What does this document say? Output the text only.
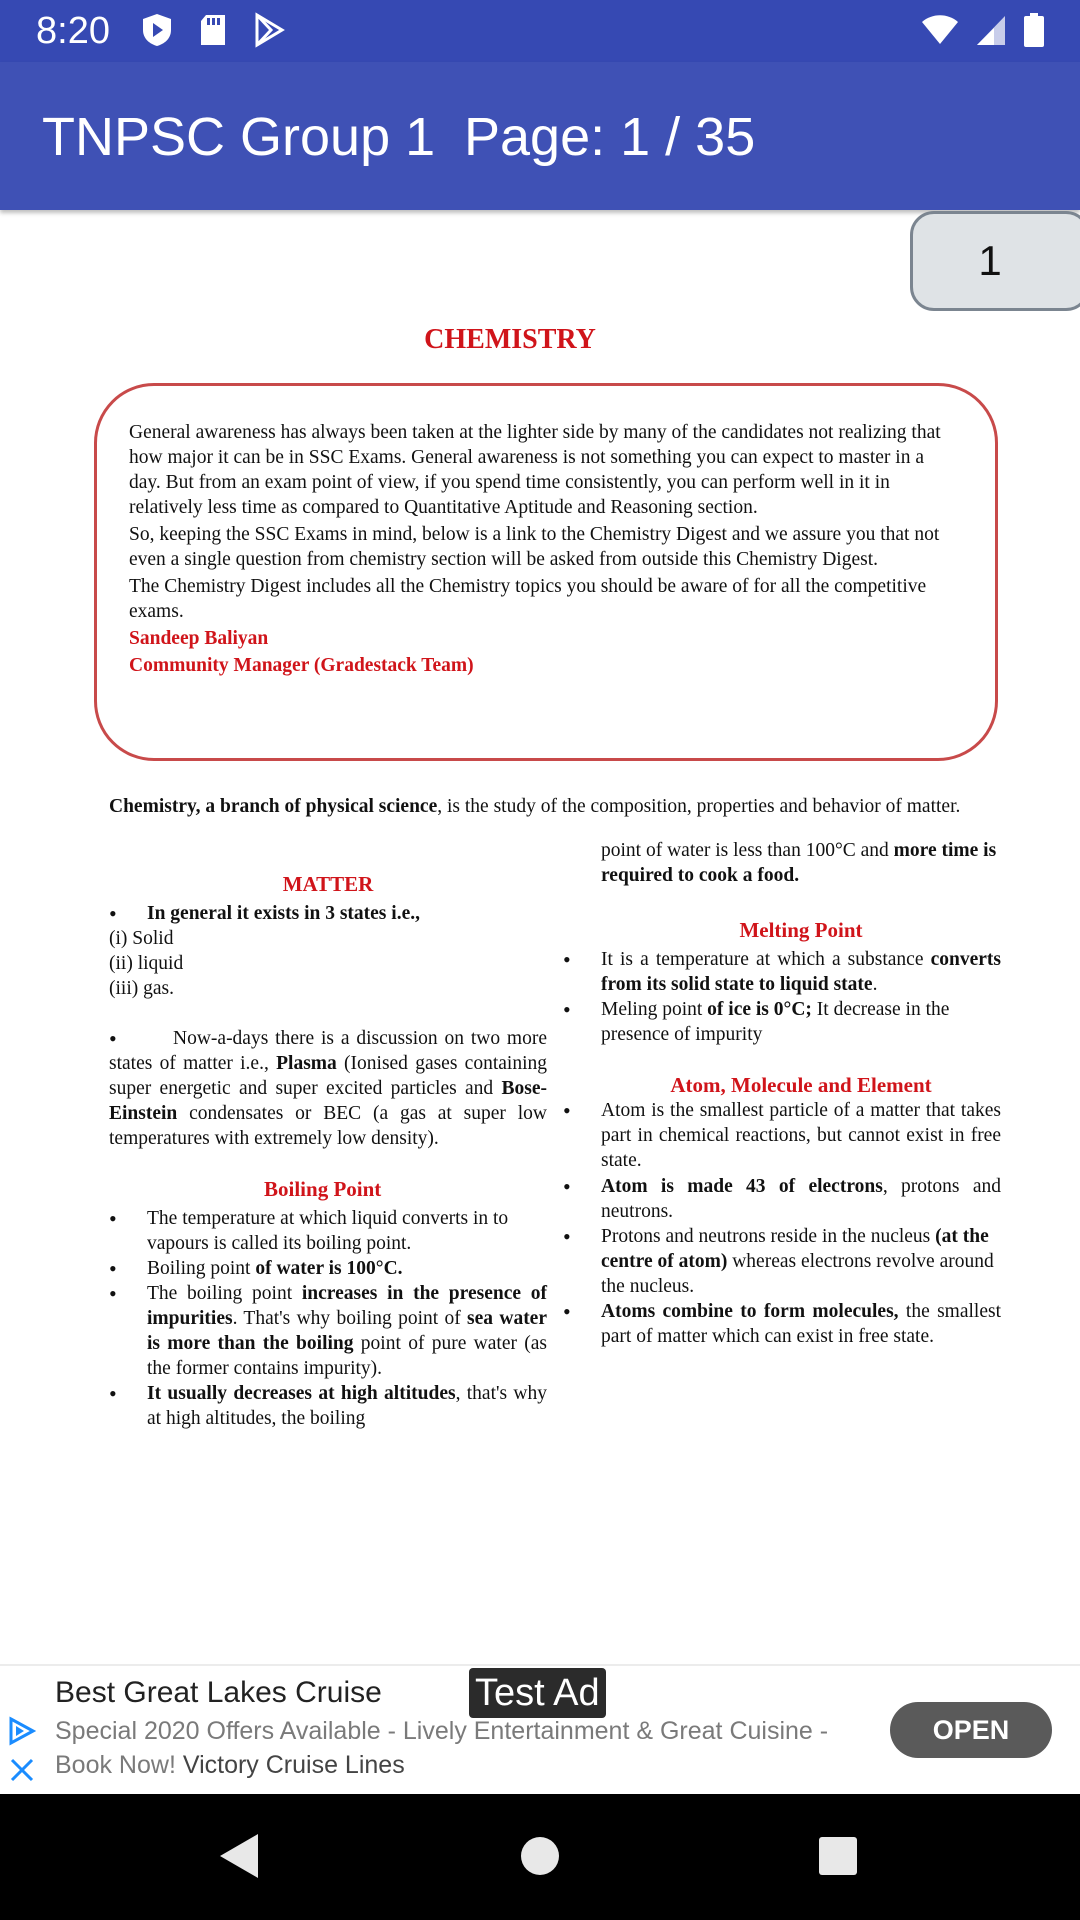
8:20
TNPSC Group 1 Page: 1 / 35
CHEMISTRY

General awareness has always been taken at the lighter side by many of the candidates not realizing that how major it can be in SSC Exams. General awareness is not something you can expect to master in a day. But from an exam point of view, if you spend time consistently, you can perform well in it in relatively less time as compared to Quantitative Aptitude and Reasoning section.

So, keeping the SSC Exams in mind, below is a link to the Chemistry Digest and we assure you that not even a single question from chemistry section will be asked from outside this Chemistry Digest.

The Chemistry Digest includes all the Chemistry topics you should be aware of for all the competitive exams.

Sandeep Baliyan

Community Manager (Gradestack Team)

Chemistry, a branch of physical science, is the study of the composition, properties and behavior of matter.

MATTER

• In general it exists in 3 states i.e.,

(i) Solid

(ii) liquid

(iii) gas.

•	Now-a-days there is a discussion on two more states of matter i.e., Plasma (Ionised gases containing super energetic and super excited particles and Bose-Einstein condensates or BEC (a gas at super low temperatures with extremely low density).

Boiling Point

• The temperature at which liquid converts in to vapours is called its boiling point.

• Boiling point of water is 100°C.

• The boiling point increases in the presence of impurities. That's why boiling point of sea water is more than the boiling point of pure water (as the former contains impurity).

• It usually decreases at high altitudes, that's why at high altitudes, the boiling

point of water is less than 100°C and more time is required to cook a food.

Melting Point

• It is a temperature at which a substance converts from its solid state to liquid state.

• Meling point of ice is 0°C; It decrease in the presence of impurity

Atom, Molecule and Element

• Atom is the smallest particle of a matter that takes part in chemical reactions, but cannot exist in free state.

• Atom is made 43 of electrons, protons and neutrons.

• Protons and neutrons reside in the nucleus (at the centre of atom) whereas electrons revolve around the nucleus.

• Atoms combine to form molecules, the smallest part of matter which can exist in free state.

1
Best Great Lakes Cruise Test Ad
Special 2020 Offers Available - Lively Entertainment & Great Cuisine - Book Now! Victory Cruise Lines
OPEN
